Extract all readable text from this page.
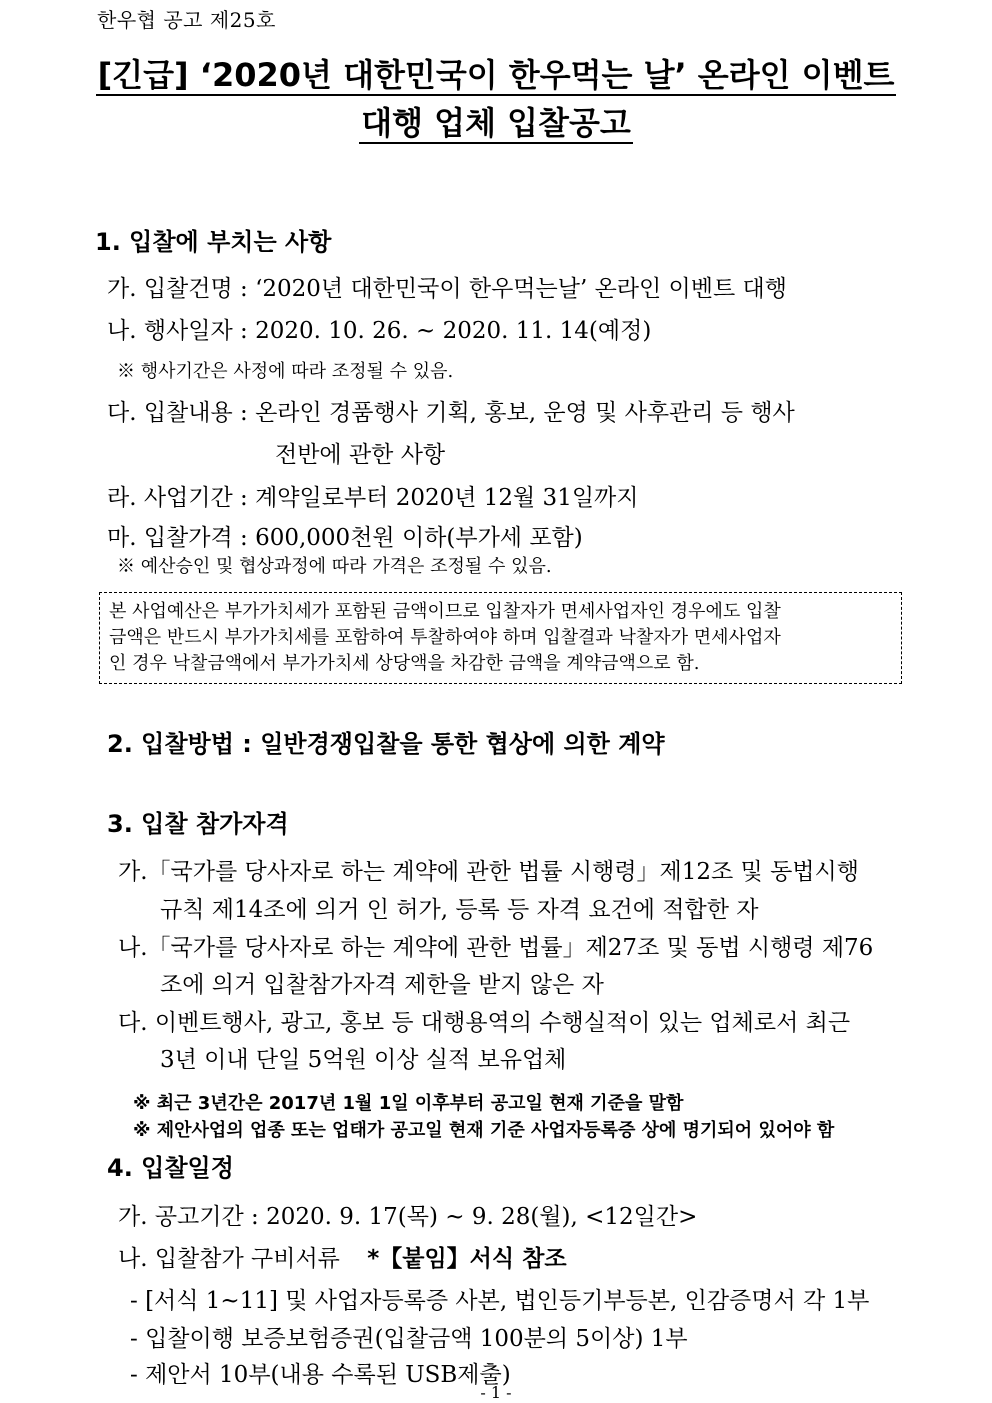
한우협 공고 제25호
[긴급] ‘2020년 대한민국이 한우먹는 날’ 온라인 이벤트
대행 업체 입찰공고
1. 입찰에 부치는 사항
가. 입찰건명 : ‘2020년 대한민국이 한우먹는날’ 온라인 이벤트 대행
나. 행사일자 : 2020. 10. 26. ~ 2020. 11. 14(예정)
※ 행사기간은 사정에 따라 조정될 수 있음.
다. 입찰내용 : 온라인 경품행사 기획, 홍보, 운영 및 사후관리 등 행사
전반에 관한 사항
라. 사업기간 : 계약일로부터 2020년 12월 31일까지
마. 입찰가격 : 600,000천원 이하(부가세 포함)
※ 예산승인 및 협상과정에 따라 가격은 조정될 수 있음.
본 사업예산은 부가가치세가 포함된 금액이므로 입찰자가 면세사업자인 경우에도 입찰
금액은 반드시 부가가치세를 포함하여 투찰하여야 하며 입찰결과 낙찰자가 면세사업자
인 경우 낙찰금액에서 부가가치세 상당액을 차감한 금액을 계약금액으로 함.
2. 입찰방법 : 일반경쟁입찰을 통한 협상에 의한 계약
3. 입찰 참가자격
가.「국가를 당사자로 하는 계약에 관한 법률 시행령」제12조 및 동법시행
규칙 제14조에 의거 인 허가, 등록 등 자격 요건에 적합한 자
나.「국가를 당사자로 하는 계약에 관한 법률」제27조 및 동법 시행령 제76
조에 의거 입찰참가자격 제한을 받지 않은 자
다. 이벤트행사, 광고, 홍보 등 대행용역의 수행실적이 있는 업체로서 최근
3년 이내 단일 5억원 이상 실적 보유업체
※ 최근 3년간은 2017년 1월 1일 이후부터 공고일 현재 기준을 말함
※ 제안사업의 업종 또는 업태가 공고일 현재 기준 사업자등록증 상에 명기되어 있어야 함
4. 입찰일정
가. 공고기간 : 2020. 9. 17(목) ~ 9. 28(월), <12일간>
나. 입찰참가 구비서류 *【붙임】서식 참조
- [서식 1~11] 및 사업자등록증 사본, 법인등기부등본, 인감증명서 각 1부
- 입찰이행 보증보험증권(입찰금액 100분의 5이상) 1부
- 제안서 10부(내용 수록된 USB제출)
- 1 -
